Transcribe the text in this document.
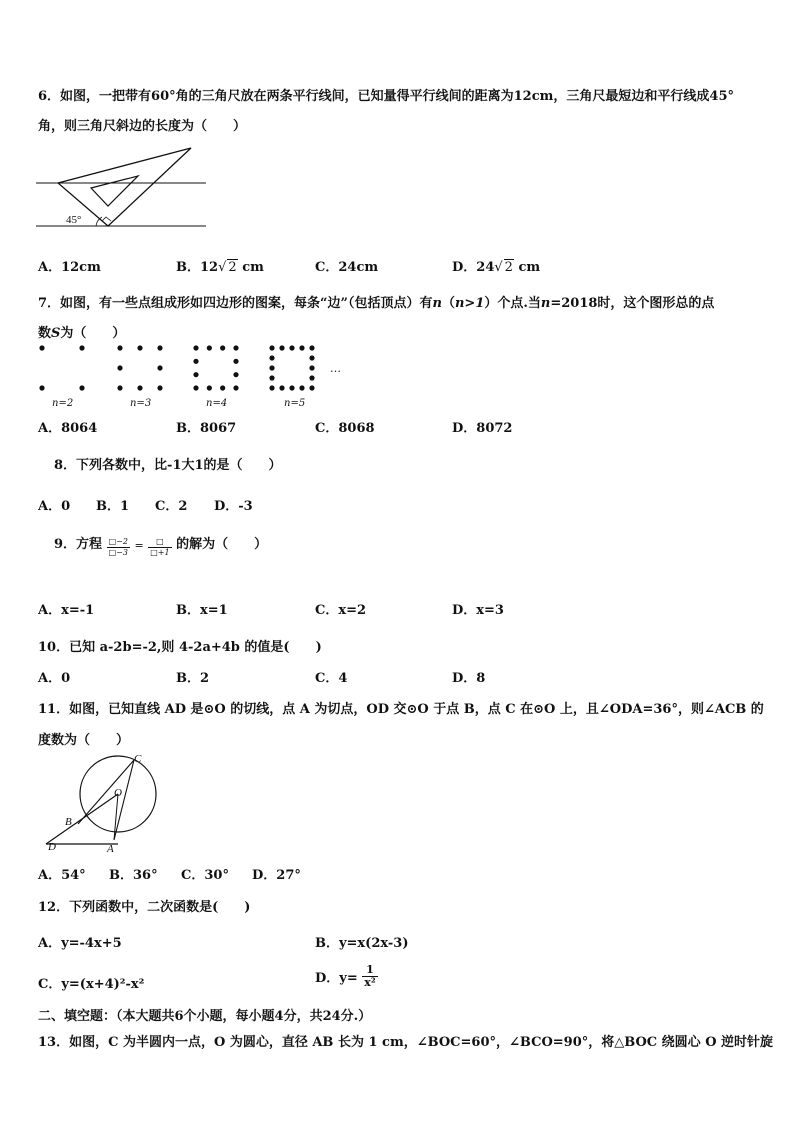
6．如图，一把带有60°角的三角尺放在两条平行线间，已知量得平行线间的距离为12cm，三角尺最短边和平行线成45°
角，则三角尺斜边的长度为（　　）
45°
A．12cm	B．12√ 2 cm	C．24cm	D．24√ 2 cm
7．如图，有一些点组成形如四边形的图案，每条“边”（包括顶点）有n（n>1）个点.当n=2018时，这个图形总的点
数S为（　　）
n=2	n=3	n=4	n=5
…
A．8064	B．8067	C．8068	D．8072
8．下列各数中，比-1大1的是（　　）
A．0 B．1 C．2 D．-3
9．方程 $\frac{□-2}{□-3} = \frac{□}{□+1}$ 的解为（　　）
A．x=-1	B．x=1	C．x=2	D．x=3
10．已知 a-2b=-2,则 4-2a+4b 的值是(　　)
A．0	B．2	C．4	D．8
11．如图，已知直线 AD 是⊙O 的切线，点 A 为切点，OD 交⊙O 于点 B，点 C 在⊙O 上，且∠ODA=36°，则∠ACB 的
度数为（　　）
C
O
B
D	A
A．54° B．36° C．30° D．27°
12．下列函数中，二次函数是(　　)
A．y=-4x+5	B．y=x(2x-3)
C．y=(x+4)²-x²	D．$y= \frac{1}{\text{x²}}$
二、填空题：（本大题共6个小题，每小题4分，共24分.）
13．如图，C 为半圆内一点，O 为圆心，直径 AB 长为 1 cm，∠BOC=60°，∠BCO=90°，将△BOC 绕圆心 O 逆时针旋
